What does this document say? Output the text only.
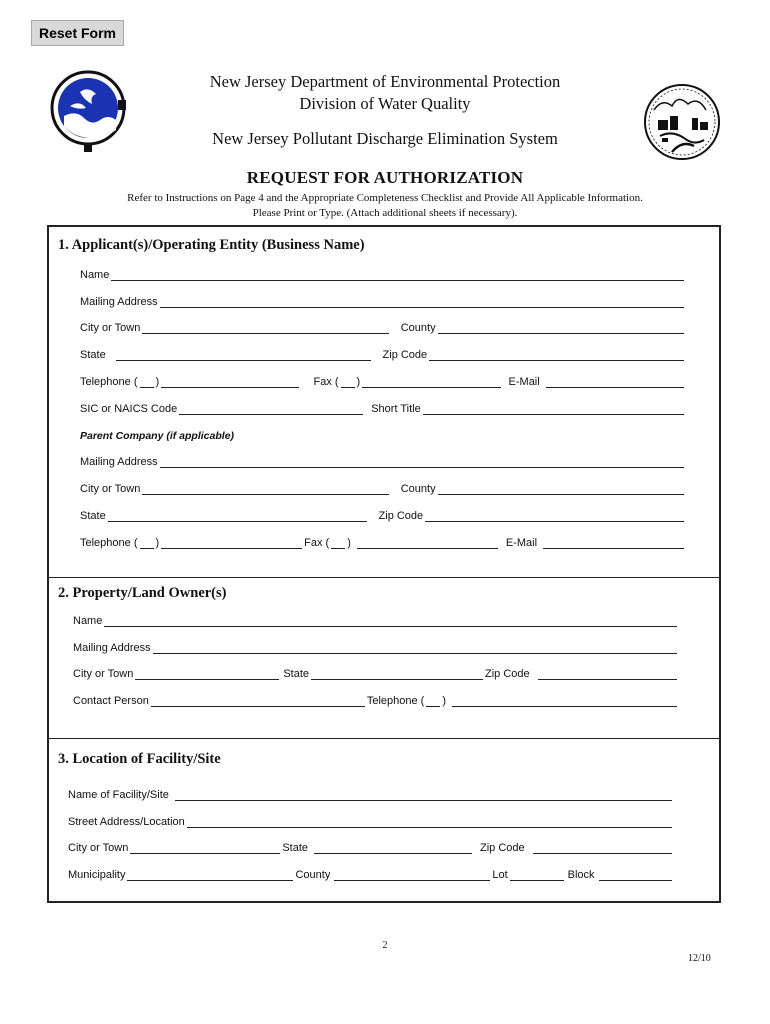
Reset Form
New Jersey Department of Environmental Protection
Division of Water Quality
New Jersey Pollutant Discharge Elimination System
REQUEST FOR AUTHORIZATION
Refer to Instructions on Page 4 and the Appropriate Completeness Checklist and Provide All Applicable Information.
Please Print or Type. (Attach additional sheets if necessary).
1. Applicant(s)/Operating Entity (Business Name)
Name
Mailing Address
City or Town	County
State	Zip Code
Telephone ( )	Fax ( )	E-Mail
SIC or NAICS Code	Short Title
Parent Company (if applicable)
Mailing Address
City or Town	County
State	Zip Code
Telephone ( )	Fax ( )	E-Mail
2. Property/Land Owner(s)
Name
Mailing Address
City or Town	State	Zip Code
Contact Person	Telephone ( )
3. Location of Facility/Site
Name of Facility/Site
Street Address/Location
City or Town	State	Zip Code
Municipality	County	Lot	Block
2
12/10
